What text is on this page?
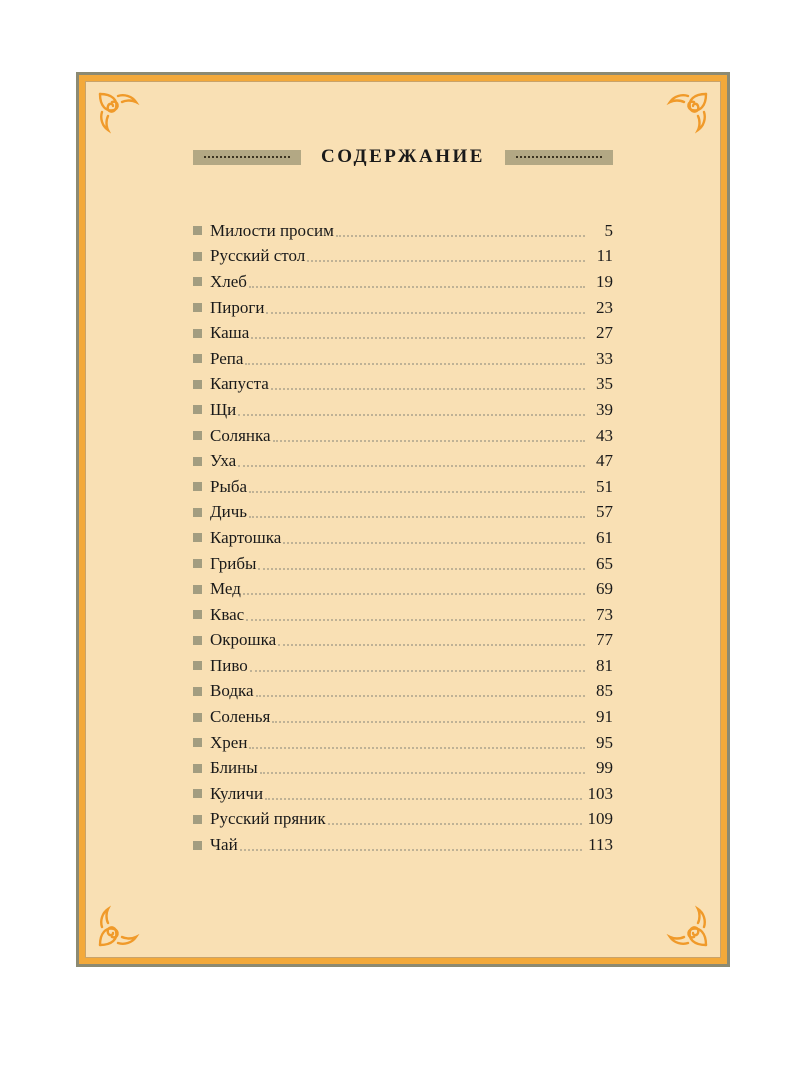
СОДЕРЖАНИЕ
Милости просим	5
Русский стол	11
Хлеб	19
Пироги	23
Каша	27
Репа	33
Капуста	35
Щи	39
Солянка	43
Уха	47
Рыба	51
Дичь	57
Картошка	61
Грибы	65
Мед	69
Квас	73
Окрошка	77
Пиво	81
Водка	85
Соленья	91
Хрен	95
Блины	99
Куличи	103
Русский пряник	109
Чай	113
